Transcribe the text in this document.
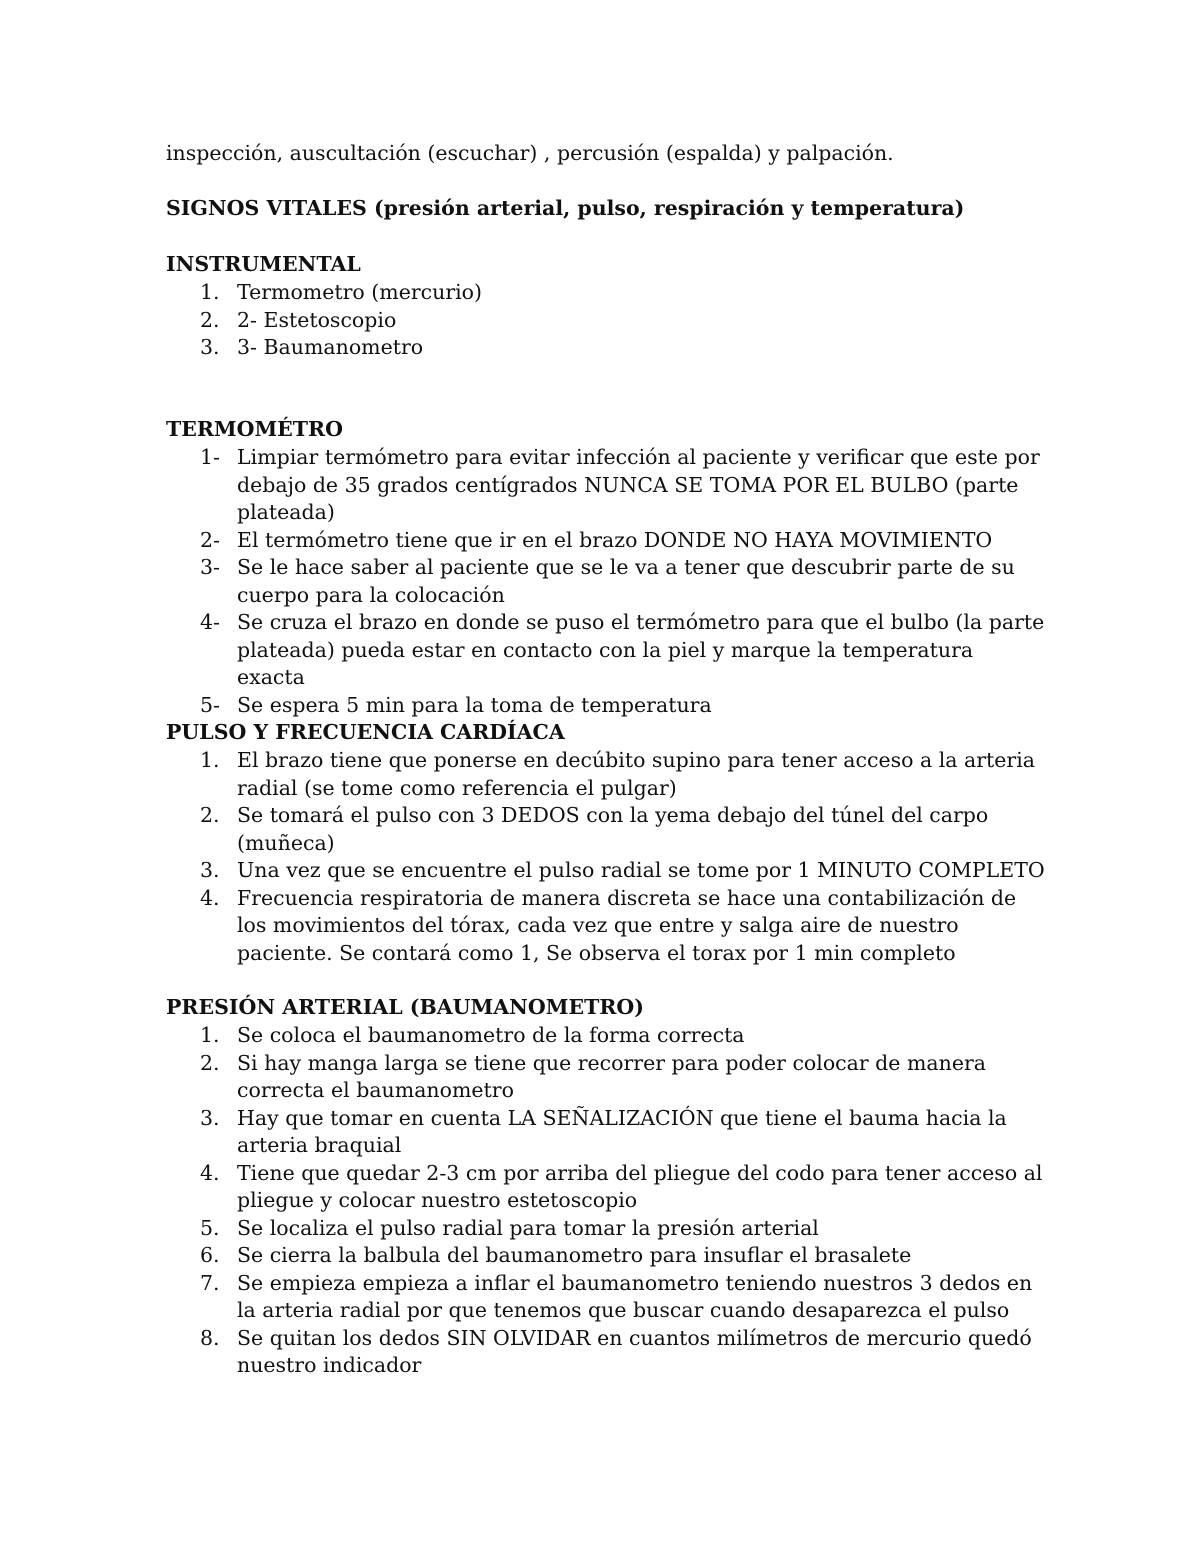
inspección, auscultación (escuchar) , percusión (espalda) y palpación.
SIGNOS VITALES (presión arterial, pulso, respiración y temperatura)
INSTRUMENTAL
1. Termometro (mercurio)
2. 2- Estetoscopio
3. 3- Baumanometro
TERMOMÉTRO
1- Limpiar termómetro para evitar infección al paciente y verificar que este por debajo de 35 grados centígrados NUNCA SE TOMA POR EL BULBO (parte plateada)
2- El termómetro tiene que ir en el brazo DONDE NO HAYA MOVIMIENTO
3- Se le hace saber al paciente que se le va a tener que descubrir parte de su cuerpo para la colocación
4- Se cruza el brazo en donde se puso el termómetro para que el bulbo (la parte plateada) pueda estar en contacto con la piel y marque la temperatura exacta
5- Se espera 5 min para la toma de temperatura
PULSO Y FRECUENCIA CARDÍACA
1. El brazo tiene que ponerse en decúbito supino para tener acceso a la arteria radial (se tome como referencia el pulgar)
2. Se tomará el pulso con 3 DEDOS con la yema debajo del túnel del carpo (muñeca)
3. Una vez que se encuentre el pulso radial se tome por 1 MINUTO COMPLETO
4. Frecuencia respiratoria de manera discreta se hace una contabilización de los movimientos del tórax, cada vez que entre y salga aire de nuestro paciente. Se contará como 1, Se observa el torax por 1 min completo
PRESIÓN ARTERIAL (BAUMANOMETRO)
1. Se coloca el baumanometro de la forma correcta
2. Si hay manga larga se tiene que recorrer para poder colocar de manera correcta el baumanometro
3. Hay que tomar en cuenta LA SEÑALIZACIÓN que tiene el bauma hacia la arteria braquial
4. Tiene que quedar 2-3 cm por arriba del pliegue del codo para tener acceso al pliegue y colocar nuestro estetoscopio
5. Se localiza el pulso radial para tomar la presión arterial
6. Se cierra la balbula del baumanometro para insuflar el brasalete
7. Se empieza empieza a inflar el baumanometro teniendo nuestros 3 dedos en la arteria radial por que tenemos que buscar cuando desaparezca el pulso
8. Se quitan los dedos SIN OLVIDAR en cuantos milímetros de mercurio quedó nuestro indicador
